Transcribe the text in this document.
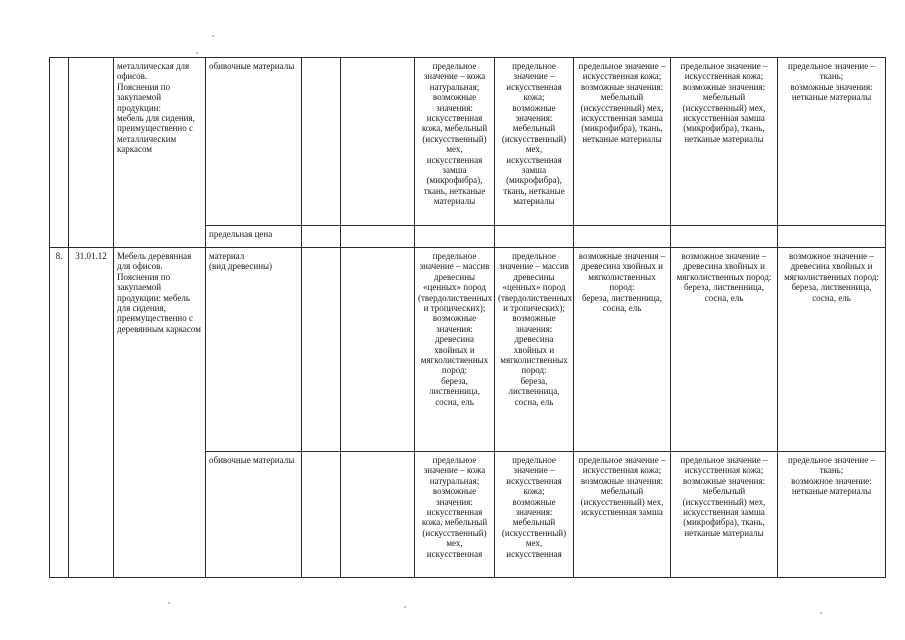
		металлическая для офисов.
Пояснения по закупаемой продукции:
мебель для сидения, преимущественно с металлическим каркасом	обивочные материалы			предельное значение – кожа натуральная;
возможные значения:
искусственная кожа, мебельный (искусственный) мех, искусственная замша (микрофибра), ткань, нетканые материалы	предельное значение – искусственная кожа;
возможные значения:
мебельный (искусственный) мех, искусственная замша (микрофибра), ткань, нетканые материалы	предельное значение – искусственная кожа;
возможные значения:
мебельный (искусственный) мех, искусственная замша (микрофибра), ткань, нетканые материалы	предельное значение – искусственная кожа;
возможные значения:
мебельный (искусственный) мех, искусственная замша (микрофибра), ткань, нетканые материалы	предельное значение – ткань;
возможные значения:
нетканые материалы
			предельная цена							
8.	31.01.12	Мебель деревянная для офисов.
Пояснения по закупаемой продукции: мебель для сидения, преимущественно с деревянным каркасом	материал
(вид древесины)			предельное значение – массив древесины «ценных» пород (твердолиственных и тропических);
возможные значения:
древесина хвойных и мягколиственных пород:
березa, лиственница, сосна, ель	предельное значение – массив древесины «ценных» пород (твердолиственных и тропических);
возможные значения:
древесина хвойных и мягколиственных пород:
березa, лиственница, сосна, ель	возможные значения – древесина хвойных и мягколиственных пород:
березa, лиственница, сосна, ель	возможное значение – древесина хвойных и мягколиственных пород: береза, лиственница, сосна, ель	возможное значение – древесина хвойных и мягколиственных пород:
березa, лиственница, сосна, ель
			обивочные материалы			предельное значение – кожа натуральная;
возможные значения:
искусственная кожа, мебельный (искусственный) мех, искусственная	предельное значение – искусственная кожа;
возможные значения:
мебельный (искусственный) мех, искусственная	предельное значение – искусственная кожа;
возможные значения:
мебельный (искусственный) мех, искусственная замша	предельное значение – искусственная кожа;
возможные значения:
мебельный (искусственный) мех, искусственная замша (микрофибра), ткань, нетканые материалы	предельное значение – ткань;
возможное значение:
нетканые материалы
